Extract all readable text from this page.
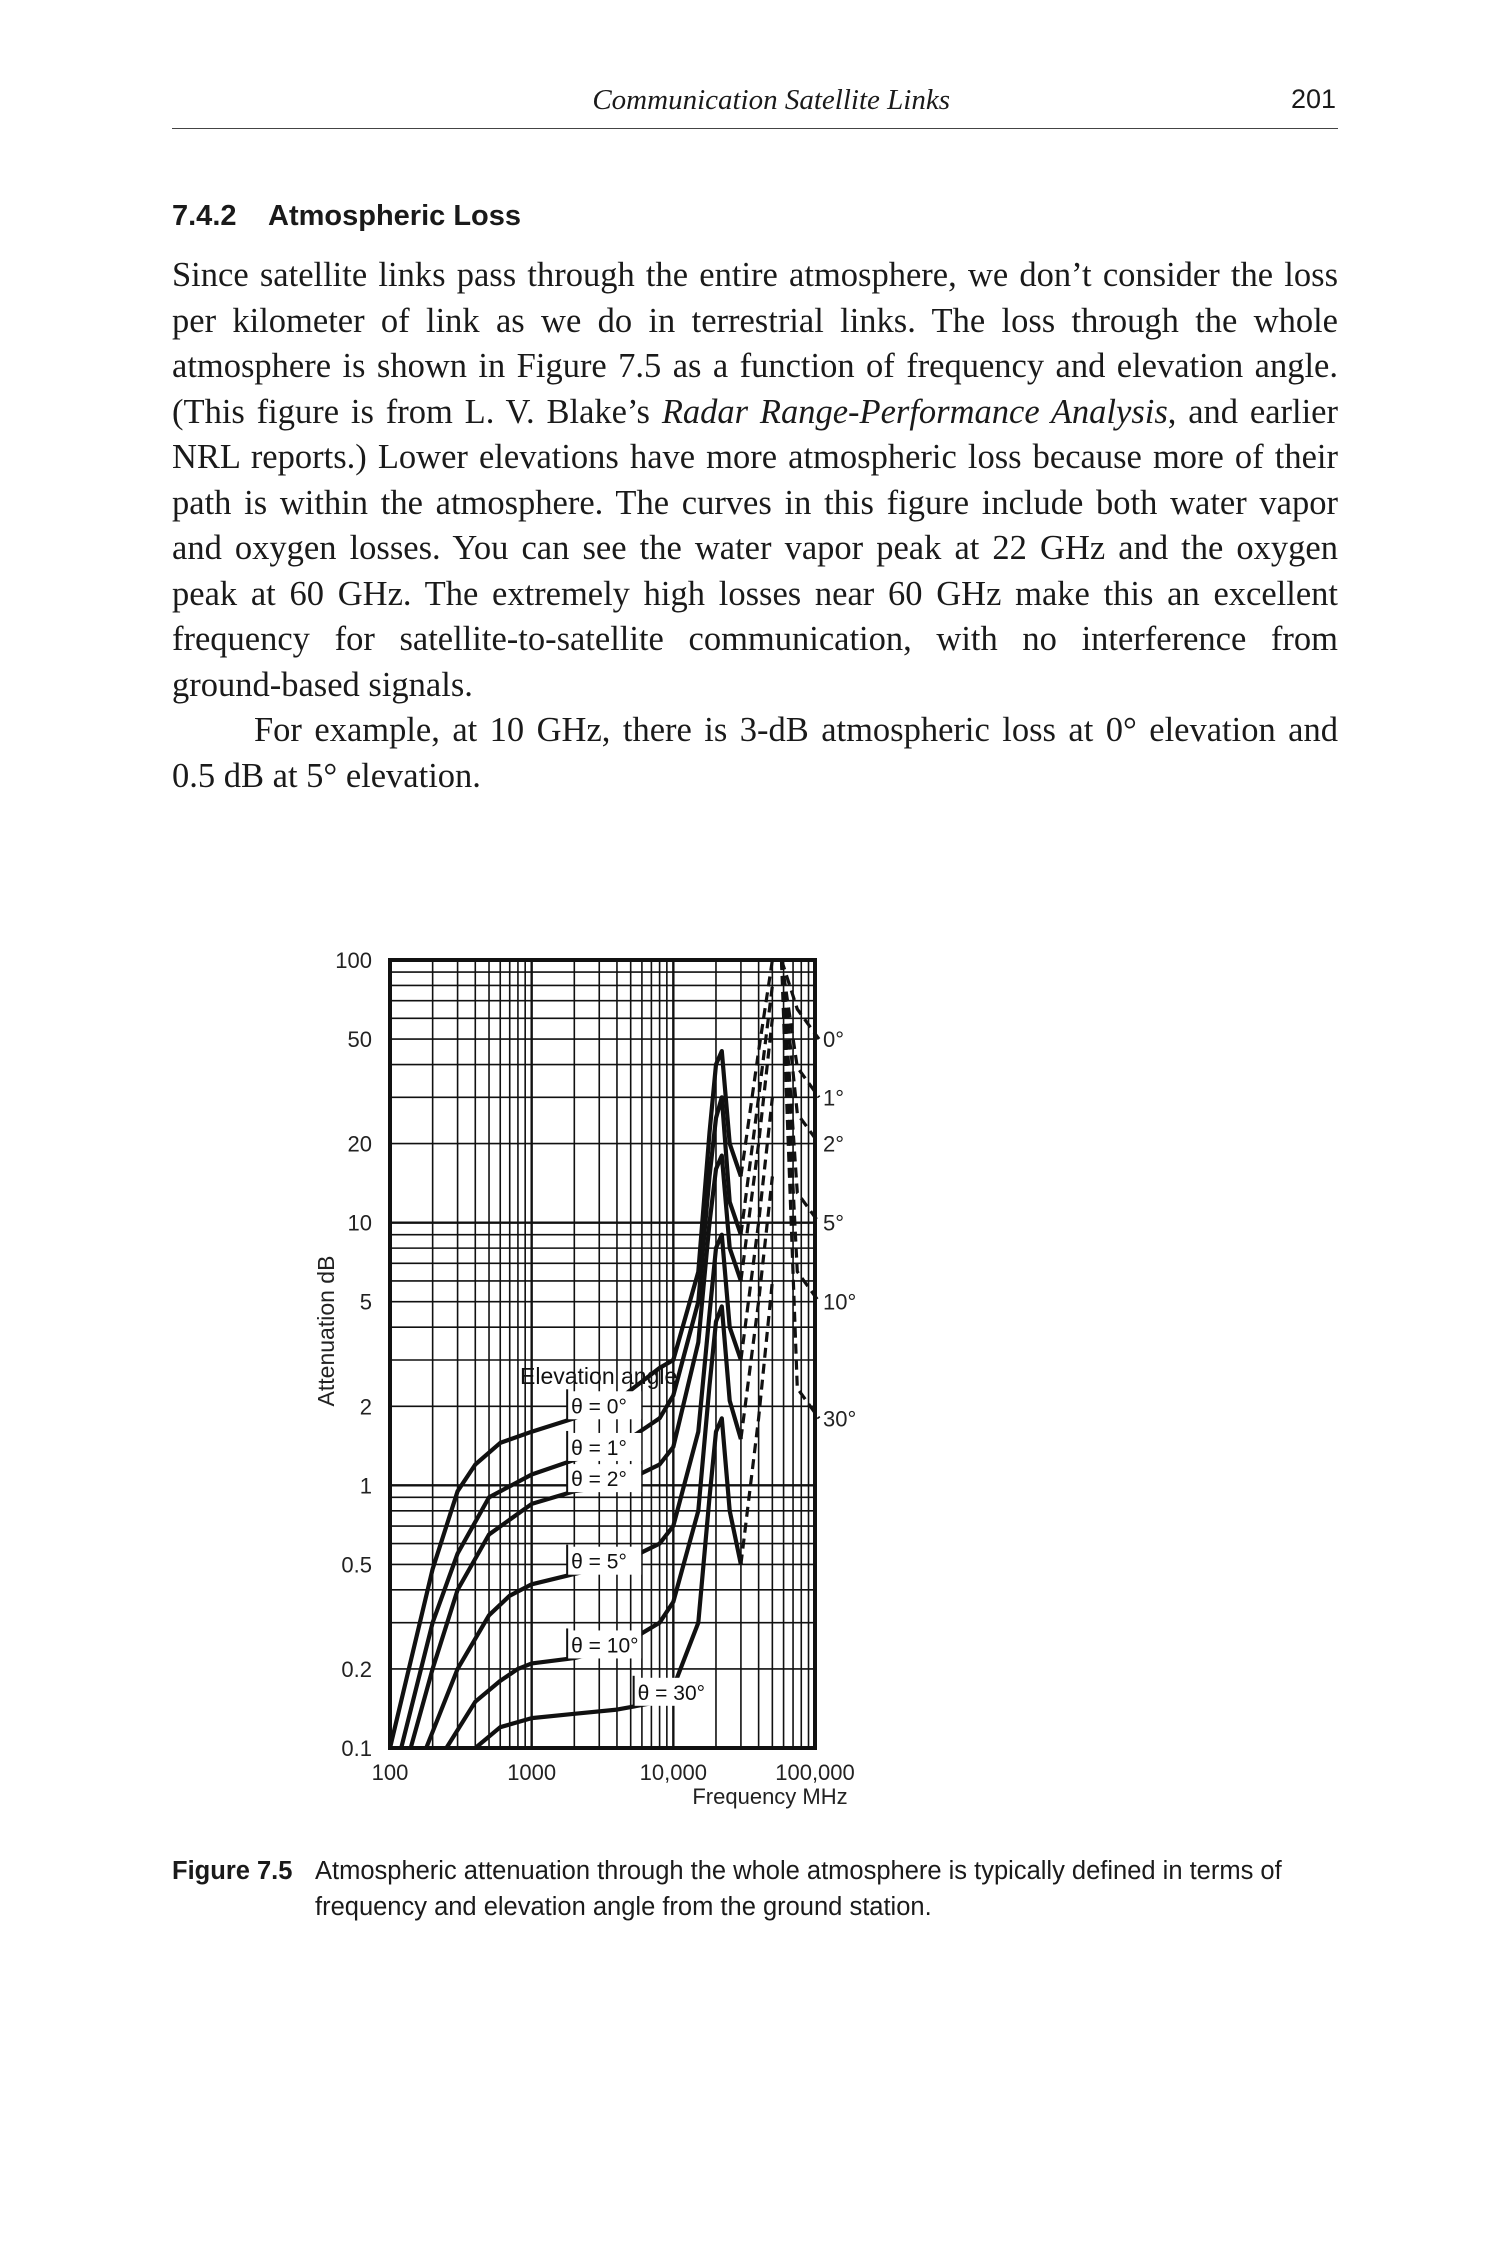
Communication Satellite Links	201
7.4.2 Atmospheric Loss

Since satellite links pass through the entire atmosphere, we don’t consider the loss per kilometer of link as we do in terrestrial links. The loss through the whole atmosphere is shown in Figure 7.5 as a function of frequency and elevation angle. (This figure is from L. V. Blake’s Radar Range-Performance Analysis, and earlier NRL reports.) Lower elevations have more atmospheric loss because more of their path is within the atmosphere. The curves in this figure include both water vapor and oxygen losses. You can see the water vapor peak at 22 GHz and the oxygen peak at 60 GHz. The extremely high losses near 60 GHz make this an excellent frequency for satellite-to-satellite communication, with no interference from ground-based signals.

For example, at 10 GHz, there is 3-dB atmospheric loss at 0° elevation and 0.5 dB at 5° elevation.

100
50
20
10
5
2
1
0.5
0.2
0.1
100	1000	10,000	100,000
θ = 0°
θ = 1°
θ = 2°
θ = 5°
θ = 10°
θ = 30°
0°
1°
2°
5°
10°
30°
Frequency MHz
Attenuation dB	Elevation angle
Figure 7.5 Atmospheric attenuation through the whole atmosphere is typically defined in terms of frequency and elevation angle from the ground station.
